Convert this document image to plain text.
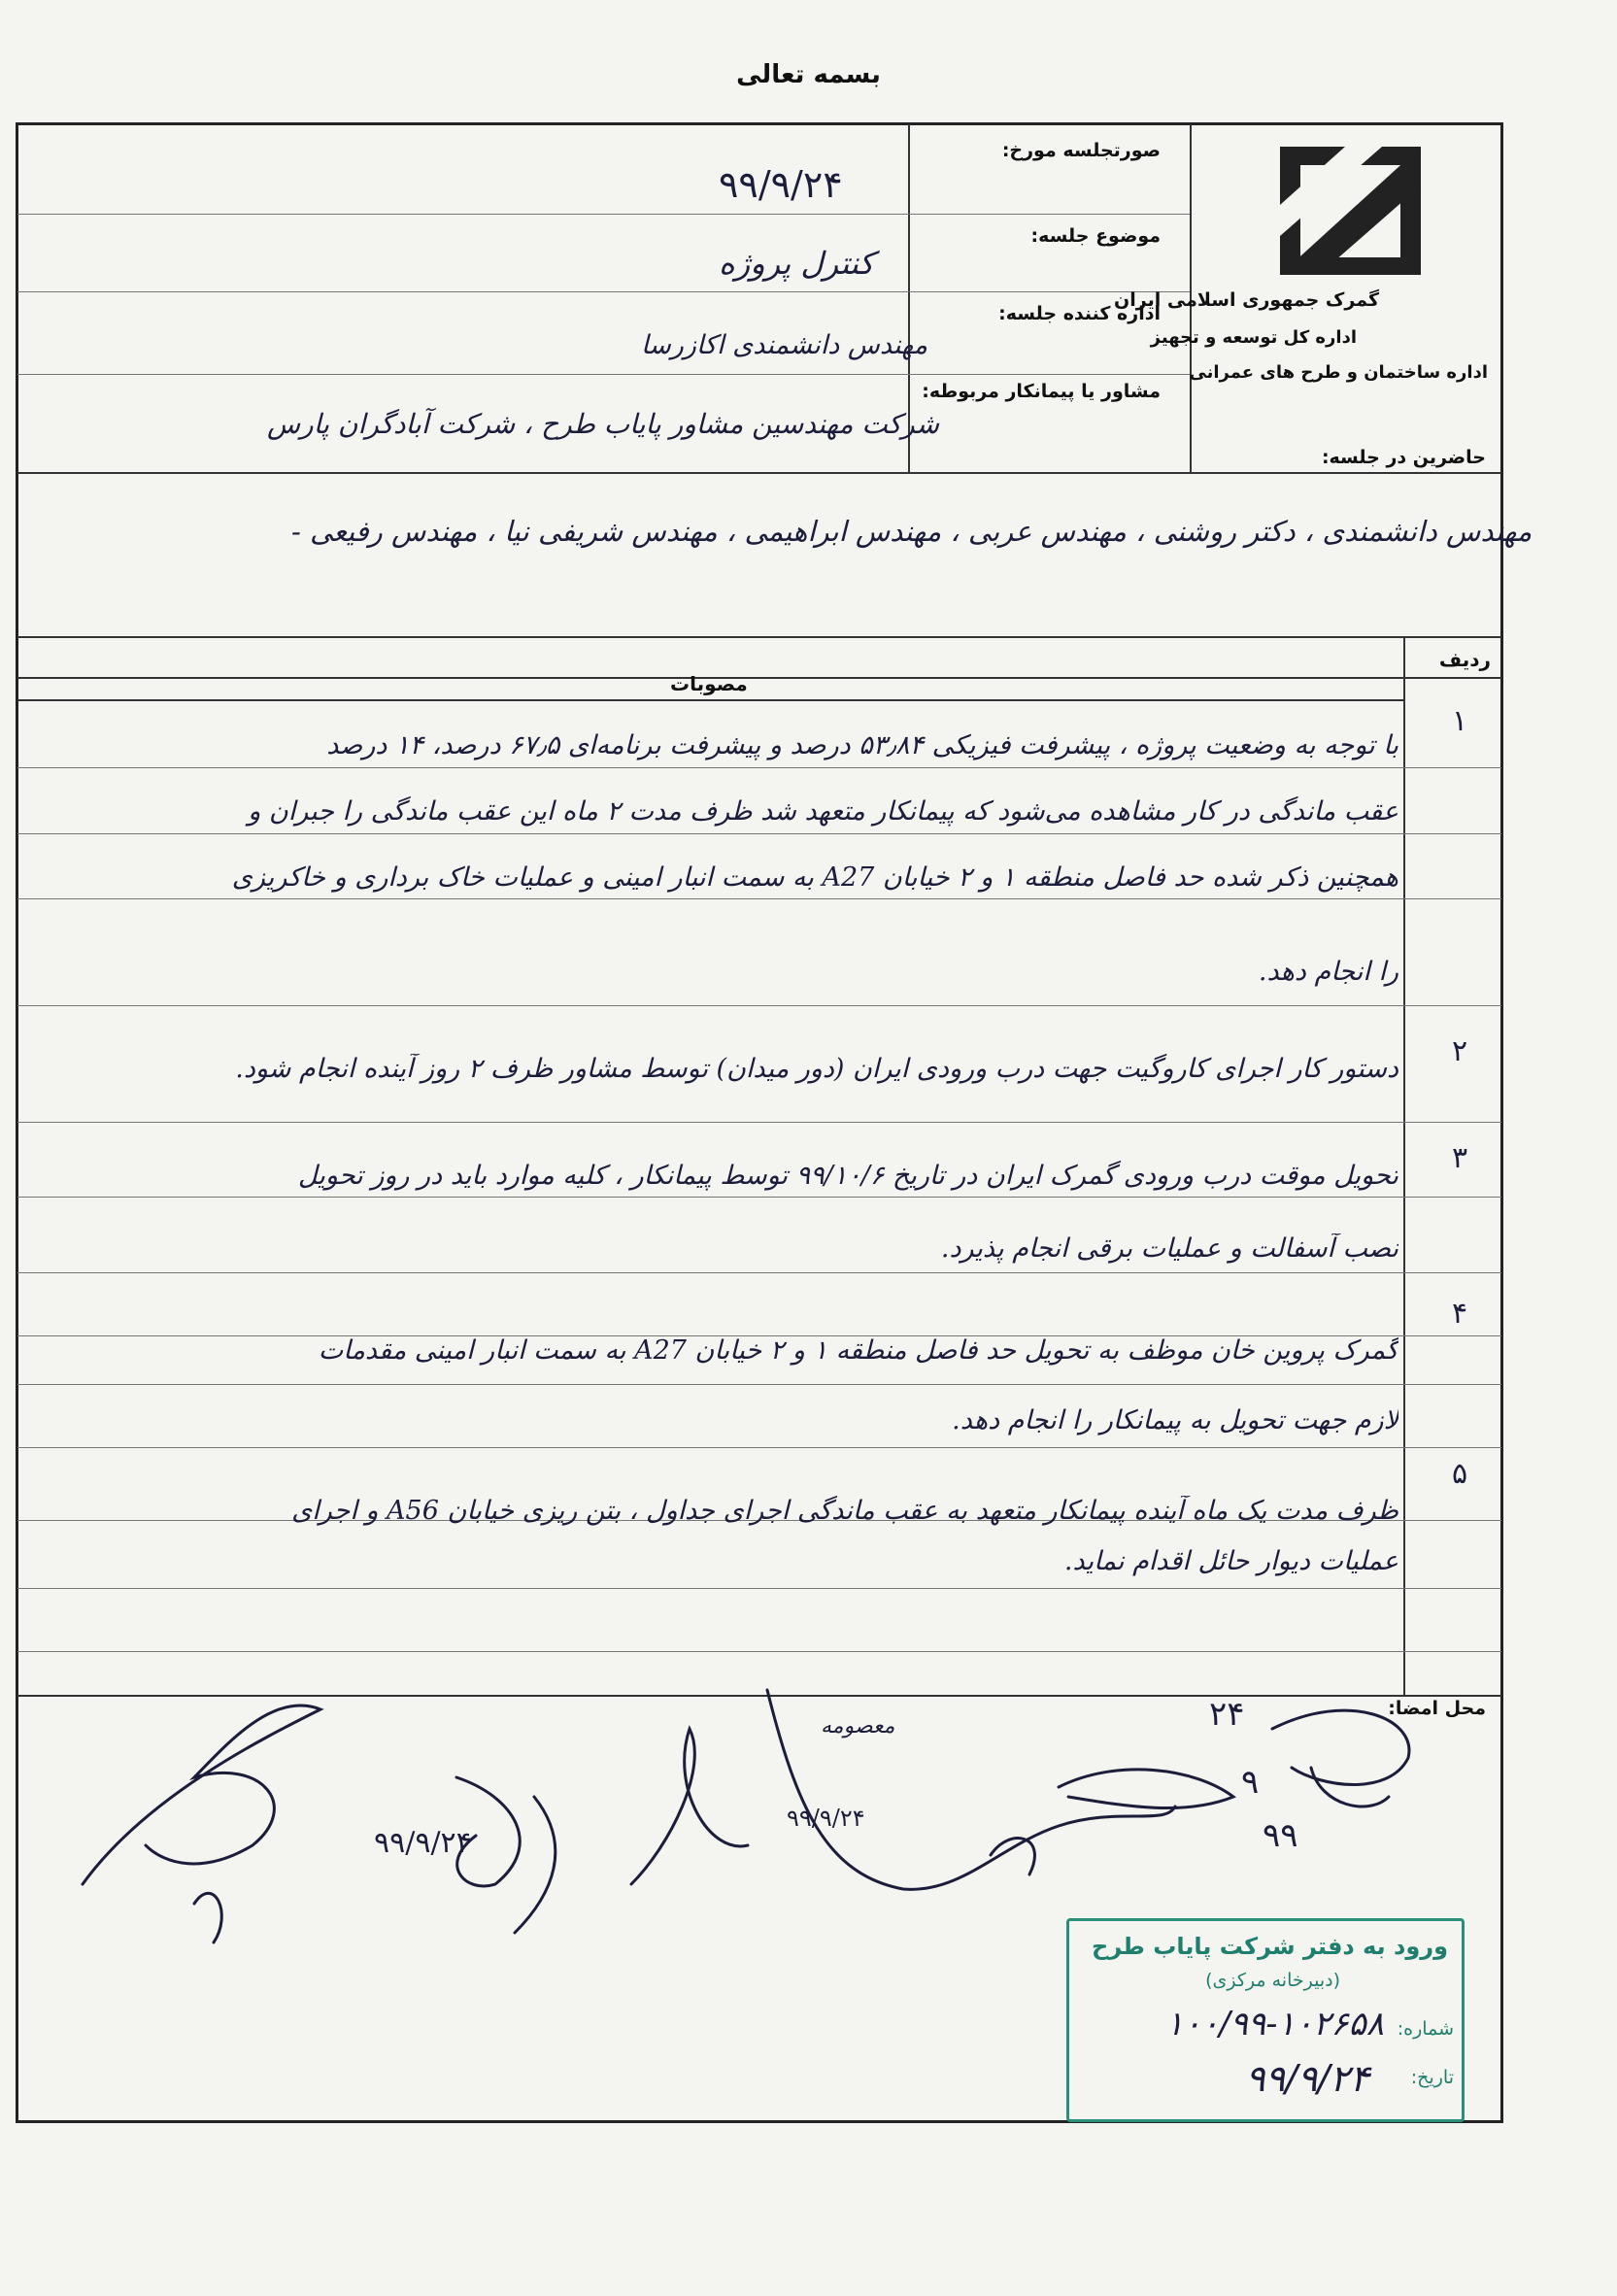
بسمه تعالی
گمرک جمهوری اسلامی ایران
اداره کل توسعه و تجهیز
اداره ساختمان و طرح های عمرانی
صورتجلسه مورخ:
۹۹/۹/۲۴
موضوع جلسه:
کنترل پروژه
اداره کننده جلسه:
مهندس دانشمندی اکازرسا
مشاور یا پیمانکار مربوطه:
شرکت مهندسین مشاور پایاب طرح ، شرکت آبادگران پارس
حاضرین در جلسه:
مهندس دانشمندی ، دکتر روشنی ، مهندس عربی ، مهندس ابراهیمی ، مهندس شریفی نیا ، مهندس رفیعی -
ردیف
مصوبات
۱
با توجه به وضعیت پروژه ، پیشرفت فیزیکی ۵۳٫۸۴ درصد و پیشرفت برنامه‌ای ۶۷٫۵ درصد، ۱۴ درصد
عقب ماندگی در کار مشاهده می‌شود که پیمانکار متعهد شد ظرف مدت ۲ ماه این عقب ماندگی را جبران و
همچنین ذکر شده حد فاصل منطقه ۱ و ۲ خیابان A27 به سمت انبار امینی و عملیات خاک برداری و خاکریزی
را انجام دهد.
۲
دستور کار اجرای کاروگیت جهت درب ورودی ایران (دور میدان) توسط مشاور ظرف ۲ روز آینده انجام شود.
۳
تحویل موقت درب ورودی گمرک ایران در تاریخ ۹۹/۱۰/۶ توسط پیمانکار ، کلیه موارد باید در روز تحویل
نصب آسفالت و عملیات برقی انجام پذیرد.
۴
گمرک پروین خان موظف به تحویل حد فاصل منطقه ۱ و ۲ خیابان A27 به سمت انبار امینی مقدمات
لازم جهت تحویل به پیمانکار را انجام دهد.
۵
ظرف مدت یک ماه آینده پیمانکار متعهد به عقب ماندگی اجرای جداول ، بتن ریزی خیابان A56 و اجرای
عملیات دیوار حائل اقدام نماید.
محل امضا:
۲۴
۹
۹۹
۹۹/۹/۲۴
۹۹/۹/۲۴
معصومه
ورود به دفتر شرکت پایاب طرح
(دبیرخانه مرکزی)
شماره:
۱۰۰/۹۹-۱۰۲۶۵۸
تاریخ:
۹۹/۹/۲۴
